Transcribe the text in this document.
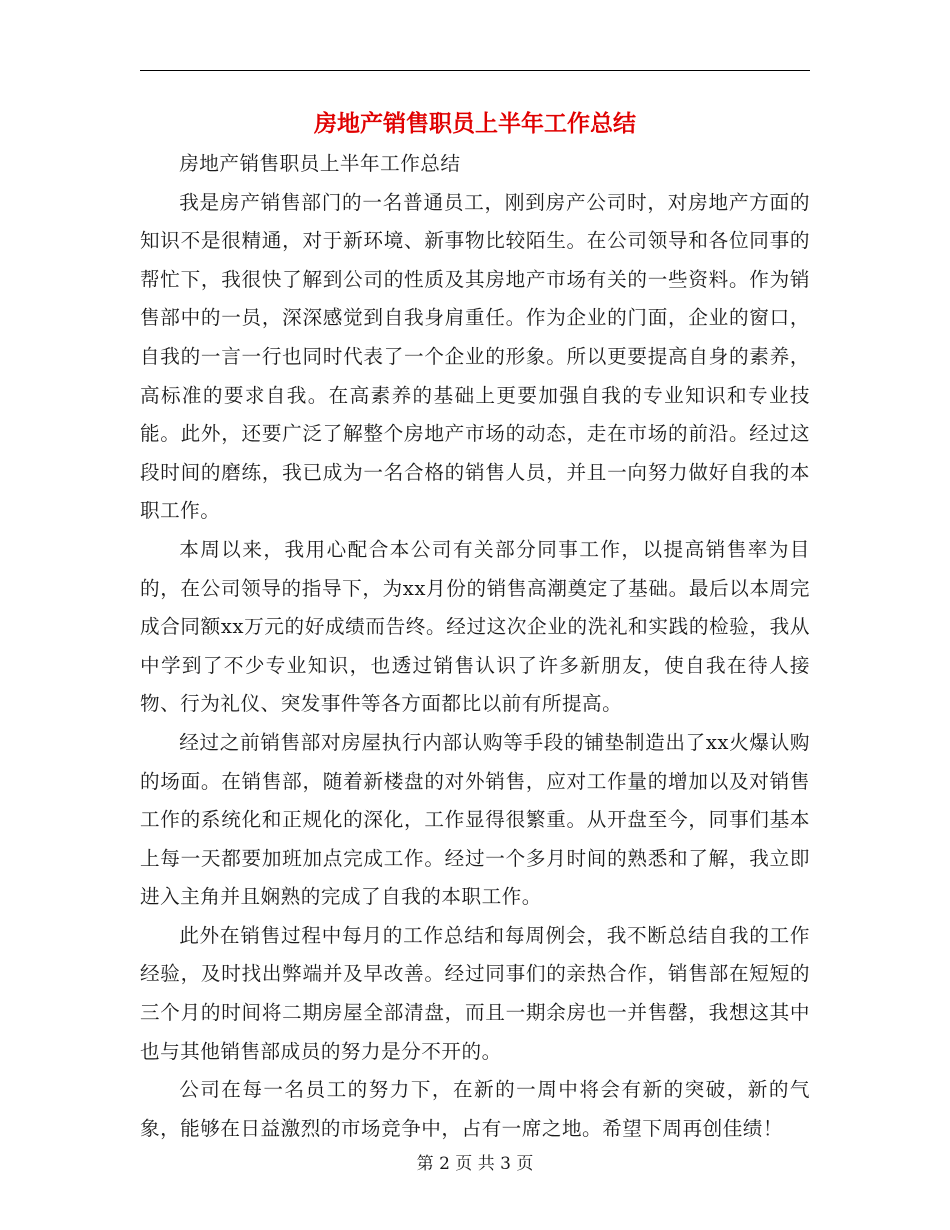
房地产销售职员上半年工作总结

房地产销售职员上半年工作总结

我是房产销售部门的一名普通员工，刚到房产公司时，对房地产方面的知识不是很精通，对于新环境、新事物比较陌生。在公司领导和各位同事的帮忙下，我很快了解到公司的性质及其房地产市场有关的一些资料。作为销售部中的一员，深深感觉到自我身肩重任。作为企业的门面，企业的窗口，自我的一言一行也同时代表了一个企业的形象。所以更要提高自身的素养，高标准的要求自我。在高素养的基础上更要加强自我的专业知识和专业技能。此外，还要广泛了解整个房地产市场的动态，走在市场的前沿。经过这段时间的磨练，我已成为一名合格的销售人员，并且一向努力做好自我的本职工作。

本周以来，我用心配合本公司有关部分同事工作，以提高销售率为目的，在公司领导的指导下，为xx月份的销售高潮奠定了基础。最后以本周完成合同额xx万元的好成绩而告终。经过这次企业的洗礼和实践的检验，我从中学到了不少专业知识，也透过销售认识了许多新朋友，使自我在待人接物、行为礼仪、突发事件等各方面都比以前有所提高。

经过之前销售部对房屋执行内部认购等手段的铺垫制造出了xx火爆认购的场面。在销售部，随着新楼盘的对外销售，应对工作量的增加以及对销售工作的系统化和正规化的深化，工作显得很繁重。从开盘至今，同事们基本上每一天都要加班加点完成工作。经过一个多月时间的熟悉和了解，我立即进入主角并且娴熟的完成了自我的本职工作。

此外在销售过程中每月的工作总结和每周例会，我不断总结自我的工作经验，及时找出弊端并及早改善。经过同事们的亲热合作，销售部在短短的三个月的时间将二期房屋全部清盘，而且一期余房也一并售罄，我想这其中也与其他销售部成员的努力是分不开的。

公司在每一名员工的努力下，在新的一周中将会有新的突破，新的气象，能够在日益激烈的市场竞争中，占有一席之地。希望下周再创佳绩！

第 2 页 共 3 页
